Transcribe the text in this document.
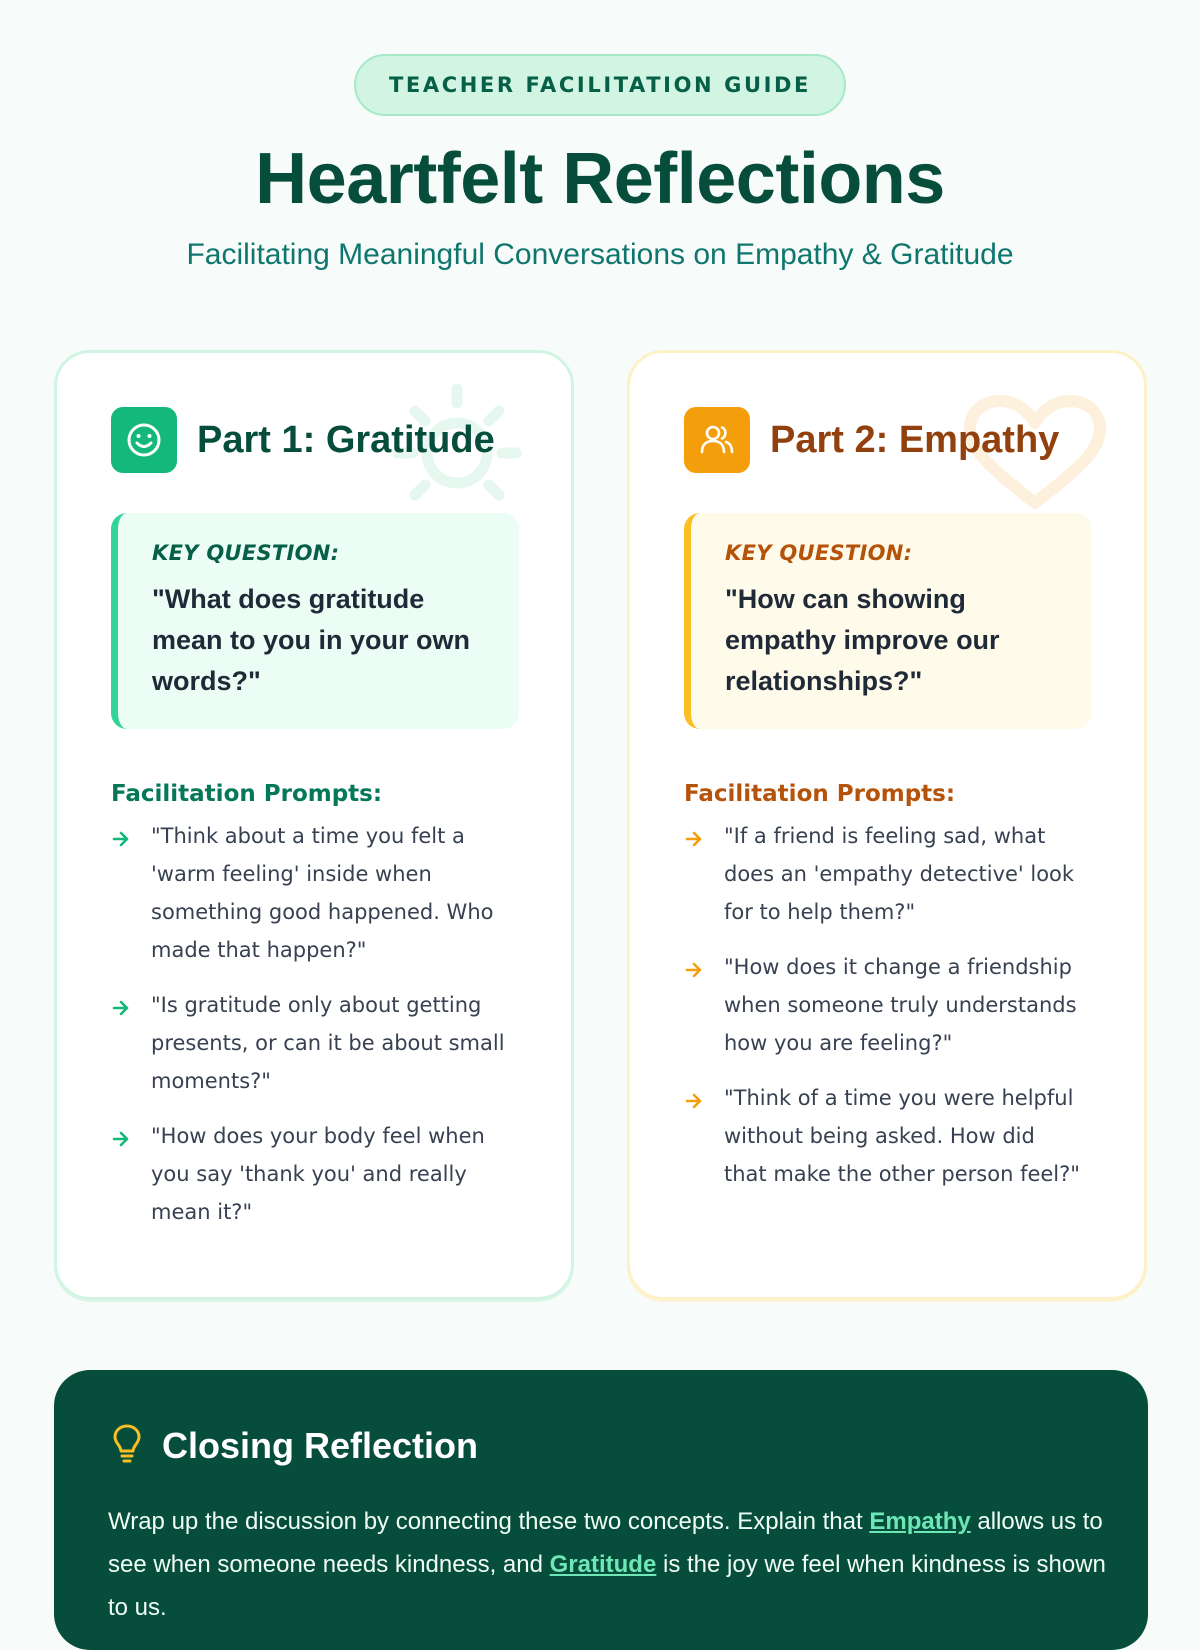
TEACHER FACILITATION GUIDE
Heartfelt Reflections
Facilitating Meaningful Conversations on Empathy & Gratitude
Part 1: Gratitude
KEY QUESTION:
"What does gratitude mean to you in your own words?"
Facilitation Prompts:
"Think about a time you felt a 'warm feeling' inside when something good happened. Who made that happen?"
"Is gratitude only about getting presents, or can it be about small moments?"
"How does your body feel when you say 'thank you' and really mean it?"
Part 2: Empathy
KEY QUESTION:
"How can showing empathy improve our relationships?"
Facilitation Prompts:
"If a friend is feeling sad, what does an 'empathy detective' look for to help them?"
"How does it change a friendship when someone truly understands how you are feeling?"
"Think of a time you were helpful without being asked. How did that make the other person feel?"
Closing Reflection

Wrap up the discussion by connecting these two concepts. Explain that Empathy allows us to see when someone needs kindness, and Gratitude is the joy we feel when kindness is shown to us.
